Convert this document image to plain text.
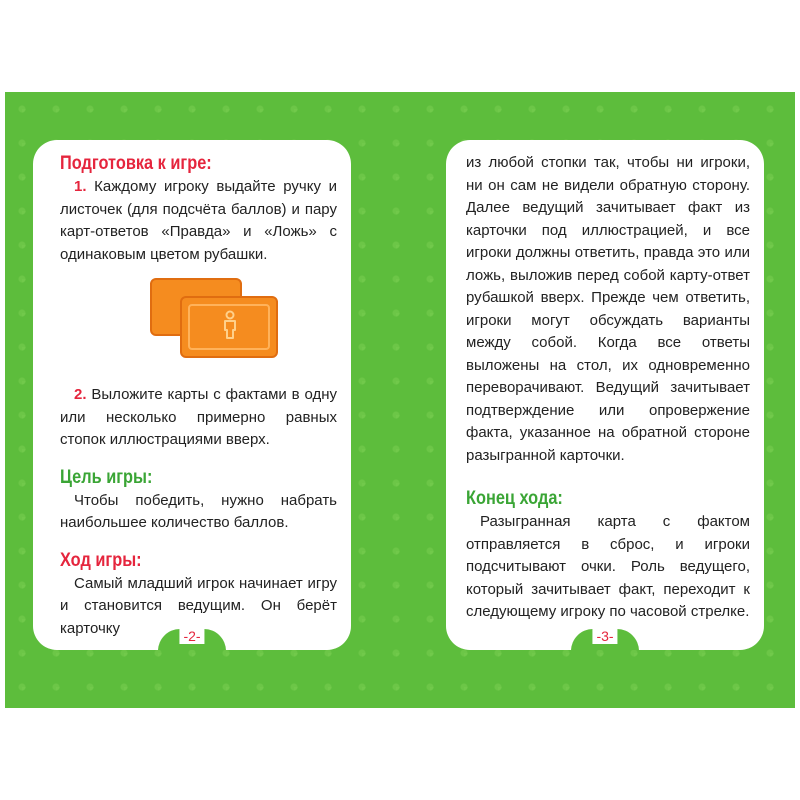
Подготовка к игре:
1. Каждому игроку выдайте ручку и листочек (для подсчёта баллов) и пару карт-ответов «Правда» и «Ложь» с одинаковым цветом рубашки.
2. Выложите карты с фактами в одну или несколько примерно равных стопок иллюстрациями вверх.
Цель игры:
Чтобы победить, нужно набрать наибольшее количество баллов.
Ход игры:
Самый младший игрок начинает игру и становится ведущим. Он берёт карточку	-2-
из любой стопки так, чтобы ни игроки, ни он сам не видели обратную сторону. Далее ведущий зачитывает факт из карточки под иллюстрацией, и все игроки должны ответить, правда это или ложь, выложив перед собой карту-ответ рубашкой вверх. Прежде чем ответить, игроки могут обсуждать варианты между собой. Когда все ответы выложены на стол, их одновременно переворачивают. Ведущий зачитывает подтверждение или опровержение факта, указанное на обратной стороне разыгранной карточки.
Конец хода:
Разыгранная карта с фактом отправляется в сброс, и игроки подсчитывают очки. Роль ведущего, который зачитывает факт, переходит к следующему игроку по часовой стрелке.
-3-
